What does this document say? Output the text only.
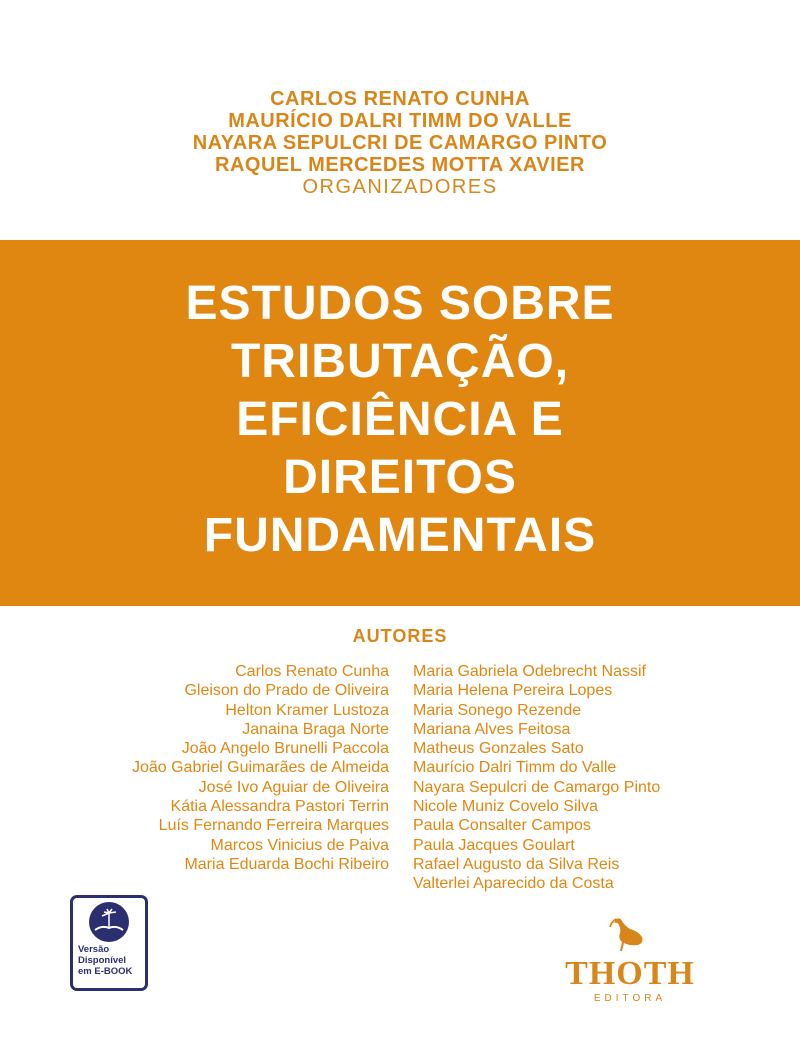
CARLOS RENATO CUNHA
MAURÍCIO DALRI TIMM DO VALLE
NAYARA SEPULCRI DE CAMARGO PINTO
RAQUEL MERCEDES MOTTA XAVIER
ORGANIZADORES
ESTUDOS SOBRE
TRIBUTAÇÃO,
EFICIÊNCIA E
DIREITOS
FUNDAMENTAIS
AUTORES
Carlos Renato Cunha
Gleison do Prado de Oliveira
Helton Kramer Lustoza
Janaina Braga Norte
João Angelo Brunelli Paccola
João Gabriel Guimarães de Almeida
José Ivo Aguiar de Oliveira
Kátia Alessandra Pastori Terrin
Luís Fernando Ferreira Marques
Marcos Vinicius de Paiva
Maria Eduarda Bochi Ribeiro
Maria Gabriela Odebrecht Nassif
Maria Helena Pereira Lopes
Maria Sonego Rezende
Mariana Alves Feitosa
Matheus Gonzales Sato
Maurício Dalri Timm do Valle
Nayara Sepulcri de Camargo Pinto
Nicole Muniz Covelo Silva
Paula Consalter Campos
Paula Jacques Goulart
Rafael Augusto da Silva Reis
Valterlei Aparecido da Costa
Versão
Disponível
em E-BOOK	THOTH
EDITORA
